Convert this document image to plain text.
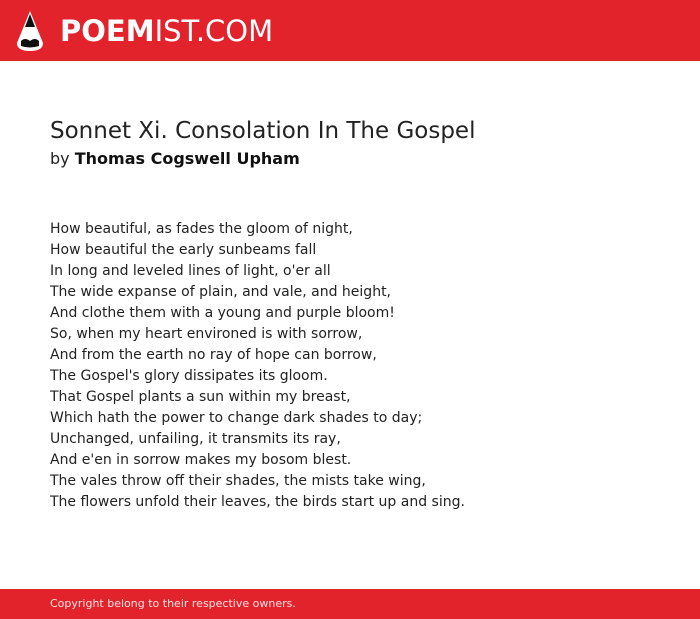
POEMIST.COM
Sonnet Xi. Consolation In The Gospel
by Thomas Cogswell Upham
How beautiful, as fades the gloom of night,
How beautiful the early sunbeams fall
In long and leveled lines of light, o'er all
The wide expanse of plain, and vale, and height,
And clothe them with a young and purple bloom!
So, when my heart environed is with sorrow,
And from the earth no ray of hope can borrow,
The Gospel's glory dissipates its gloom.
That Gospel plants a sun within my breast,
Which hath the power to change dark shades to day;
Unchanged, unfailing, it transmits its ray,
And e'en in sorrow makes my bosom blest.
The vales throw off their shades, the mists take wing,
The flowers unfold their leaves, the birds start up and sing.
Copyright belong to their respective owners.
